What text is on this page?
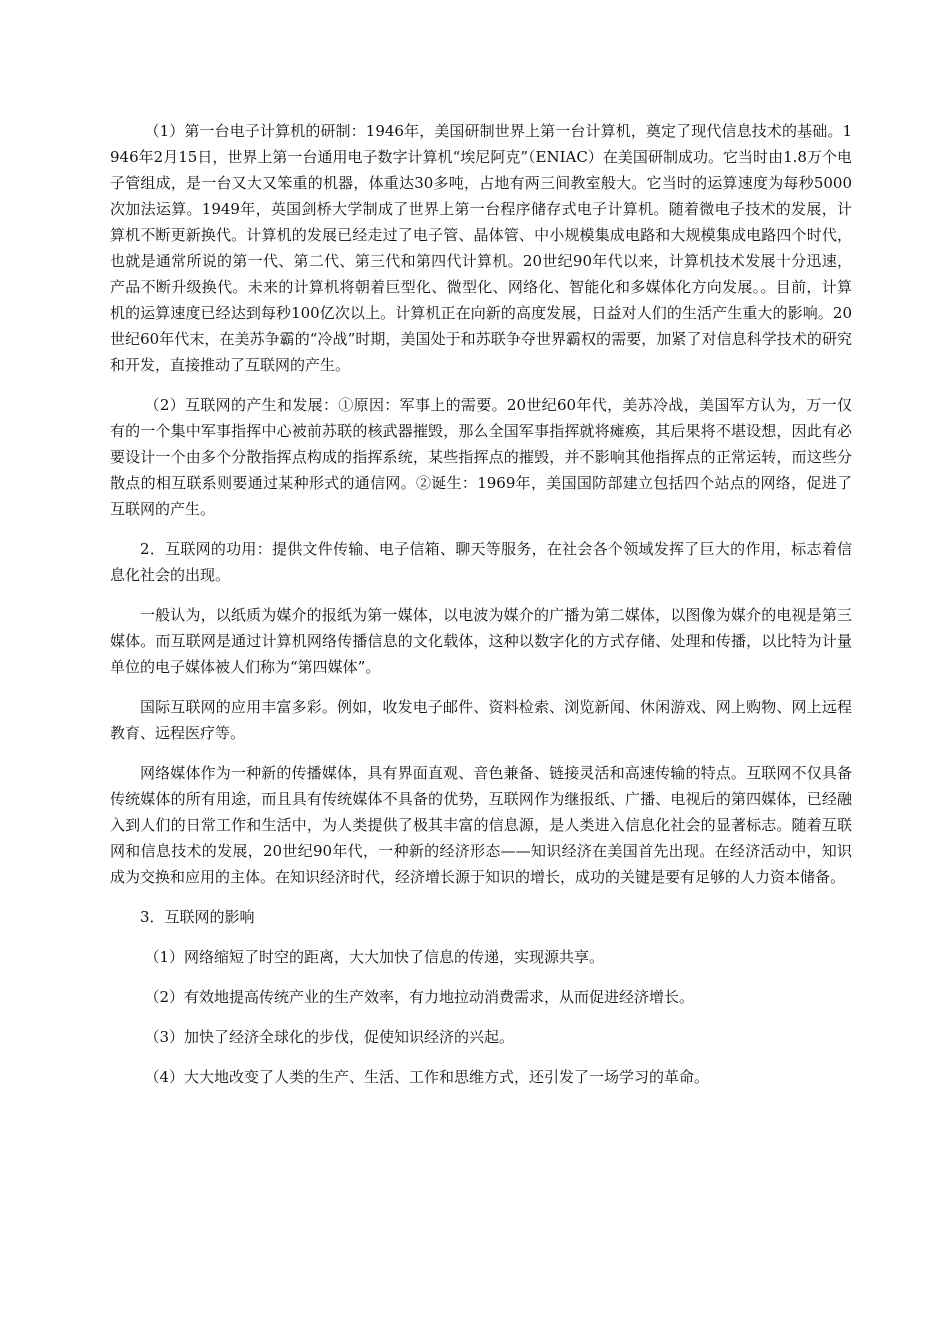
（1）第一台电子计算机的研制：1946年，美国研制世界上第一台计算机，奠定了现代信息技术的基础。1946年2月15日，世界上第一台通用电子数字计算机“埃尼阿克”（ENIAC）在美国研制成功。它当时由1.8万个电子管组成，是一台又大又笨重的机器，体重达30多吨，占地有两三间教室般大。它当时的运算速度为每秒5000次加法运算。1949年，英国剑桥大学制成了世界上第一台程序储存式电子计算机。随着微电子技术的发展，计算机不断更新换代。计算机的发展已经走过了电子管、晶体管、中小规模集成电路和大规模集成电路四个时代，也就是通常所说的第一代、第二代、第三代和第四代计算机。20世纪90年代以来，计算机技术发展十分迅速，产品不断升级换代。未来的计算机将朝着巨型化、微型化、网络化、智能化和多媒体化方向发展。。目前，计算机的运算速度已经达到每秒100亿次以上。计算机正在向新的高度发展，日益对人们的生活产生重大的影响。20世纪60年代末，在美苏争霸的“冷战”时期，美国处于和苏联争夺世界霸权的需要，加紧了对信息科学技术的研究和开发，直接推动了互联网的产生。

（2）互联网的产生和发展：①原因：军事上的需要。20世纪60年代，美苏冷战，美国军方认为，万一仅有的一个集中军事指挥中心被前苏联的核武器摧毁，那么全国军事指挥就将瘫痪，其后果将不堪设想，因此有必要设计一个由多个分散指挥点构成的指挥系统，某些指挥点的摧毁，并不影响其他指挥点的正常运转，而这些分散点的相互联系则要通过某种形式的通信网。②诞生：1969年，美国国防部建立包括四个站点的网络，促进了互联网的产生。

2．互联网的功用：提供文件传输、电子信箱、聊天等服务，在社会各个领域发挥了巨大的作用，标志着信息化社会的出现。

一般认为，以纸质为媒介的报纸为第一媒体，以电波为媒介的广播为第二媒体，以图像为媒介的电视是第三媒体。而互联网是通过计算机网络传播信息的文化载体，这种以数字化的方式存储、处理和传播，以比特为计量单位的电子媒体被人们称为“第四媒体”。

国际互联网的应用丰富多彩。例如，收发电子邮件、资料检索、浏览新闻、休闲游戏、网上购物、网上远程教育、远程医疗等。

网络媒体作为一种新的传播媒体，具有界面直观、音色兼备、链接灵活和高速传输的特点。互联网不仅具备传统媒体的所有用途，而且具有传统媒体不具备的优势，互联网作为继报纸、广播、电视后的第四媒体，已经融入到人们的日常工作和生活中，为人类提供了极其丰富的信息源，是人类进入信息化社会的显著标志。随着互联网和信息技术的发展，20世纪90年代，一种新的经济形态——知识经济在美国首先出现。在经济活动中，知识成为交换和应用的主体。在知识经济时代，经济增长源于知识的增长，成功的关键是要有足够的人力资本储备。

3．互联网的影响

（1）网络缩短了时空的距离，大大加快了信息的传递，实现源共享。

（2）有效地提高传统产业的生产效率，有力地拉动消费需求，从而促进经济增长。

（3）加快了经济全球化的步伐，促使知识经济的兴起。

（4）大大地改变了人类的生产、生活、工作和思维方式，还引发了一场学习的革命。
